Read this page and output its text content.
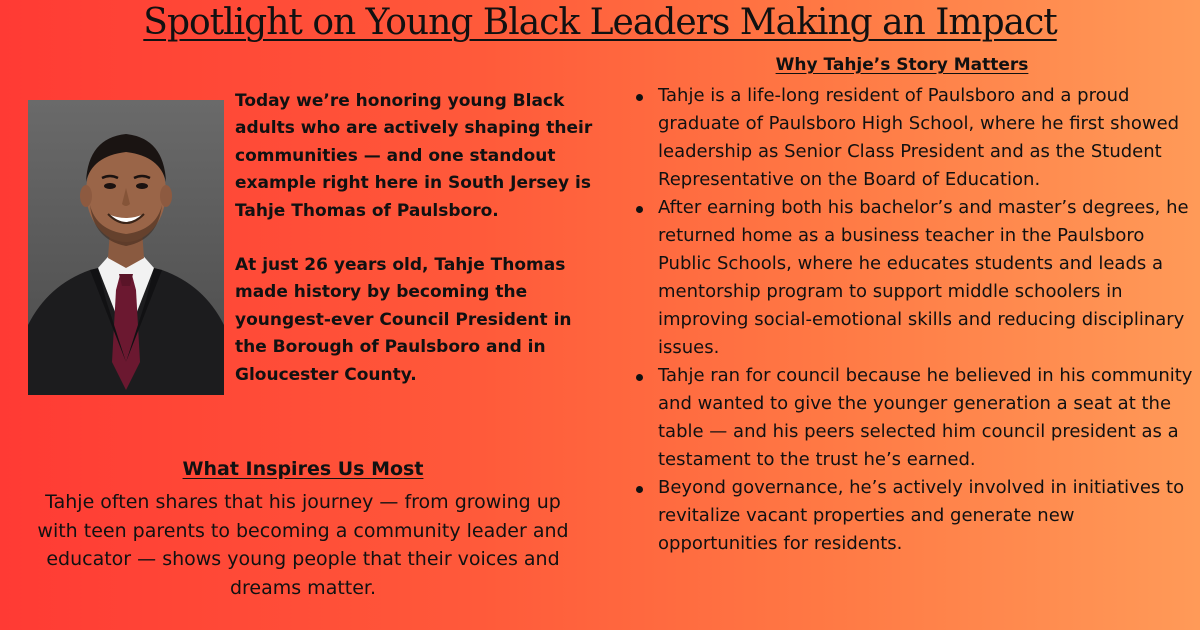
Spotlight on Young Black Leaders Making an Impact

Today we’re honoring young Black adults who are actively shaping their communities — and one standout example right here in South Jersey is Tahje Thomas of Paulsboro.

At just 26 years old, Tahje Thomas made history by becoming the youngest-ever Council President in the Borough of Paulsboro and in Gloucester County.

What Inspires Us Most
Tahje often shares that his journey — from growing up with teen parents to becoming a community leader and educator — shows young people that their voices and dreams matter.
Why Tahje’s Story Matters
Tahje is a life-long resident of Paulsboro and a proud graduate of Paulsboro High School, where he first showed leadership as Senior Class President and as the Student Representative on the Board of Education.
After earning both his bachelor’s and master’s degrees, he returned home as a business teacher in the Paulsboro Public Schools, where he educates students and leads a mentorship program to support middle schoolers in improving social-emotional skills and reducing disciplinary issues.
Tahje ran for council because he believed in his community and wanted to give the younger generation a seat at the table — and his peers selected him council president as a testament to the trust he’s earned.
Beyond governance, he’s actively involved in initiatives to revitalize vacant properties and generate new opportunities for residents.
